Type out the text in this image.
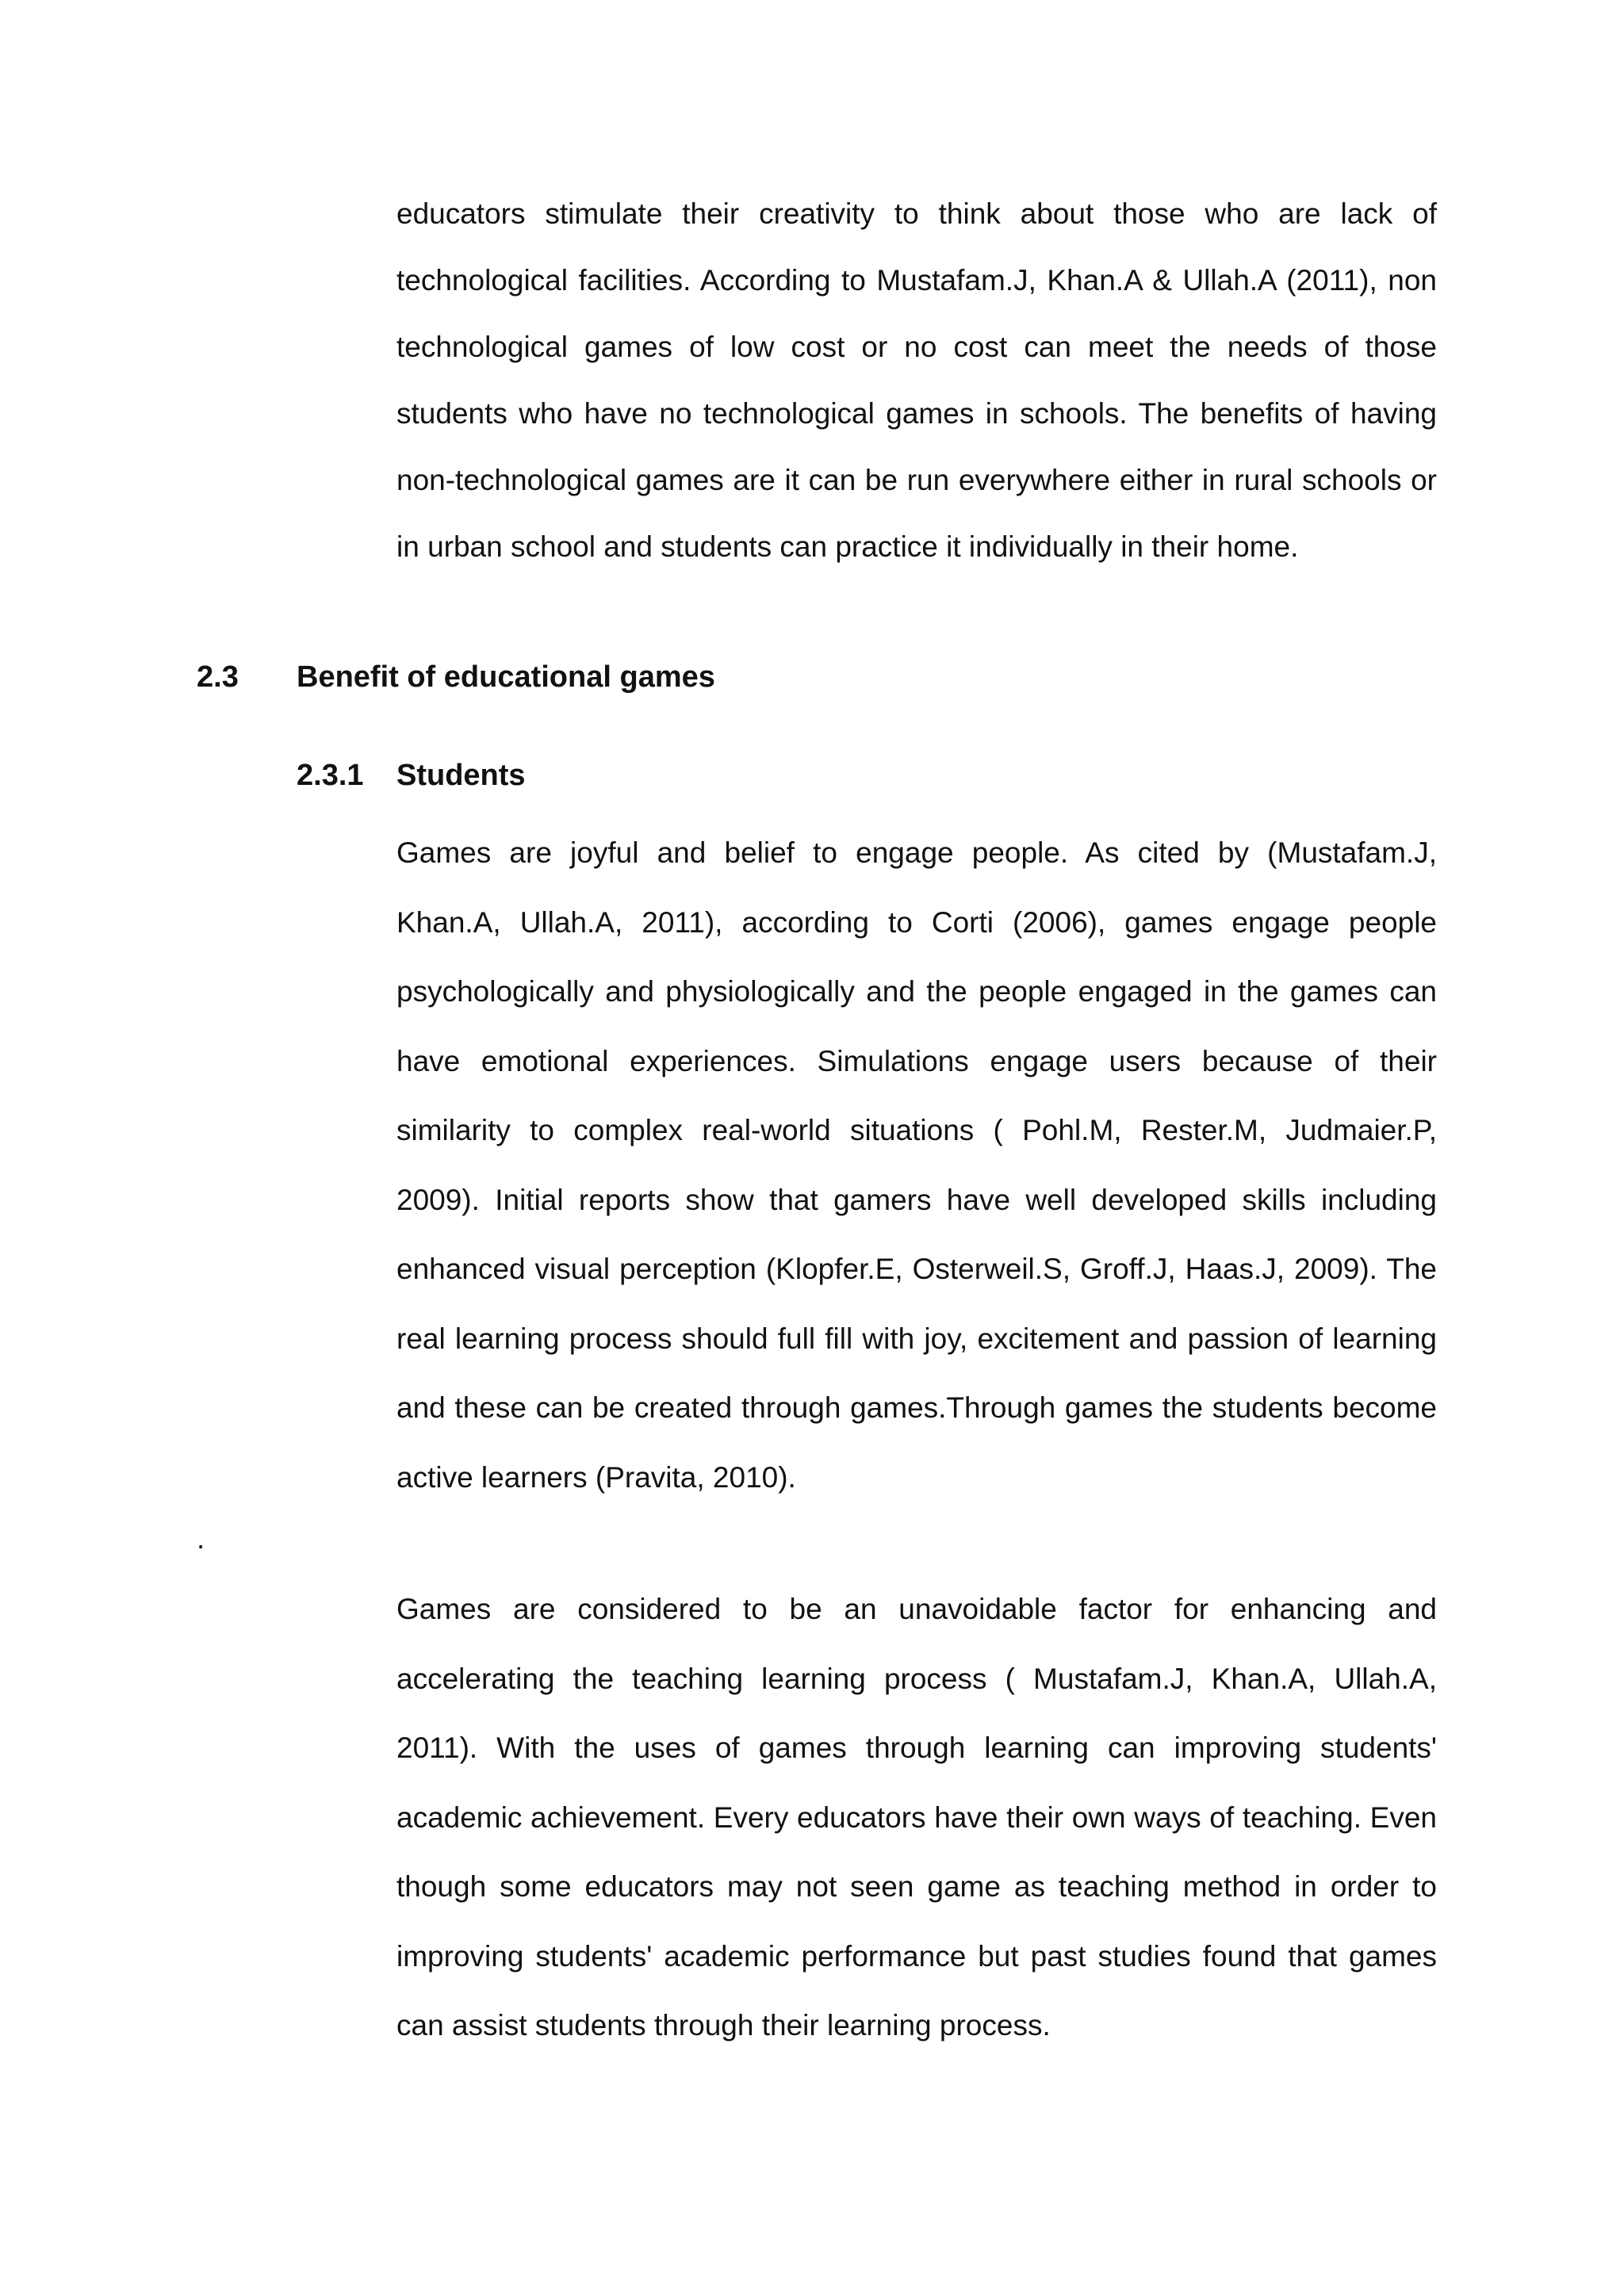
educators stimulate their creativity to think about those who are lack of technological facilities. According to Mustafam.J, Khan.A & Ullah.A (2011), non technological games of low cost or no cost can meet the needs of those students who have no technological games in schools. The benefits of having non-technological games are it can be run everywhere either in rural schools or in urban school and students can practice it individually in their home.

2.3 Benefit of educational games
2.3.1 Students

Games are joyful and belief to engage people. As cited by (Mustafam.J, Khan.A, Ullah.A, 2011), according to Corti (2006), games engage people psychologically and physiologically and the people engaged in the games can have emotional experiences. Simulations engage users because of their similarity to complex real-world situations ( Pohl.M, Rester.M, Judmaier.P, 2009). Initial reports show that gamers have well developed skills including enhanced visual perception (Klopfer.E, Osterweil.S, Groff.J, Haas.J, 2009). The real learning process should full fill with joy, excitement and passion of learning and these can be created through games.Through games the students become active learners (Pravita, 2010).

.

Games are considered to be an unavoidable factor for enhancing and accelerating the teaching learning process ( Mustafam.J, Khan.A, Ullah.A, 2011). With the uses of games through learning can improving students' academic achievement. Every educators have their own ways of teaching. Even though some educators may not seen game as teaching method in order to improving students' academic performance but past studies found that games can assist students through their learning process.
